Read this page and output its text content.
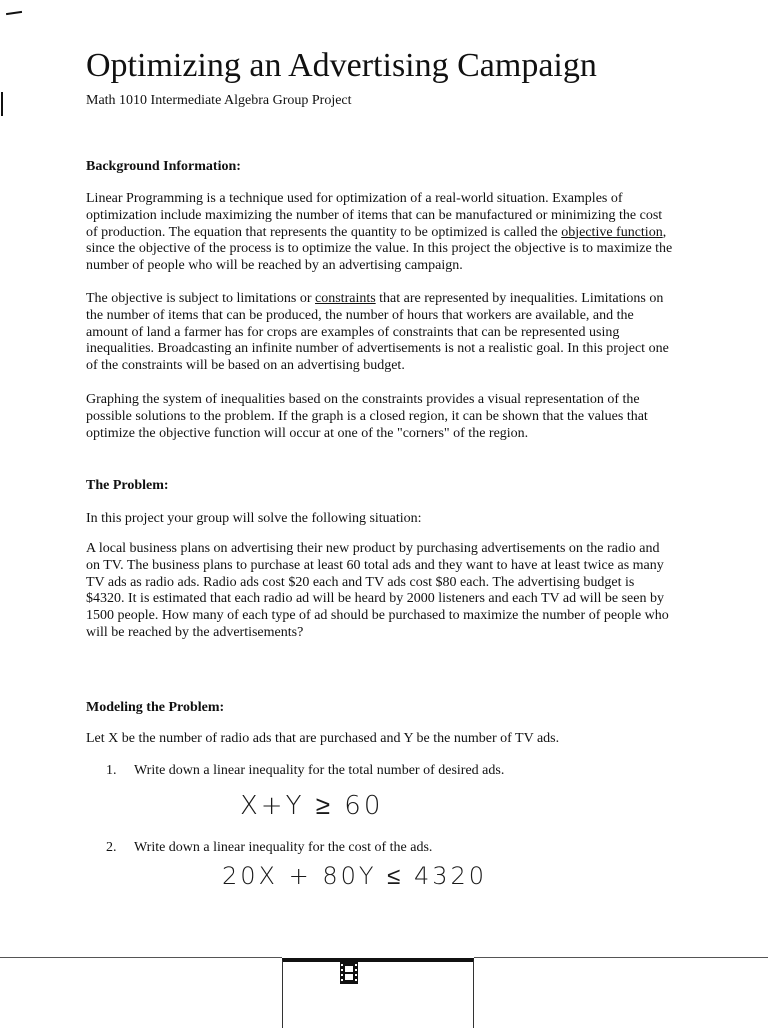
Optimizing an Advertising Campaign
Math 1010 Intermediate Algebra Group Project
Background Information:

Linear Programming is a technique used for optimization of a real-world situation. Examples of optimization include maximizing the number of items that can be manufactured or minimizing the cost of production. The equation that represents the quantity to be optimized is called the objective function, since the objective of the process is to optimize the value. In this project the objective is to maximize the number of people who will be reached by an advertising campaign.

The objective is subject to limitations or constraints that are represented by inequalities. Limitations on the number of items that can be produced, the number of hours that workers are available, and the amount of land a farmer has for crops are examples of constraints that can be represented using inequalities. Broadcasting an infinite number of advertisements is not a realistic goal. In this project one of the constraints will be based on an advertising budget.

Graphing the system of inequalities based on the constraints provides a visual representation of the possible solutions to the problem. If the graph is a closed region, it can be shown that the values that optimize the objective function will occur at one of the "corners" of the region.

The Problem:

In this project your group will solve the following situation:

A local business plans on advertising their new product by purchasing advertisements on the radio and on TV. The business plans to purchase at least 60 total ads and they want to have at least twice as many TV ads as radio ads. Radio ads cost $20 each and TV ads cost $80 each. The advertising budget is $4320. It is estimated that each radio ad will be heard by 2000 listeners and each TV ad will be seen by 1500 people. How many of each type of ad should be purchased to maximize the number of people who will be reached by the advertisements?

Modeling the Problem:

Let X be the number of radio ads that are purchased and Y be the number of TV ads.

1. Write down a linear inequality for the total number of desired ads.
X+Y ≥ 60
2. Write down a linear inequality for the cost of the ads.
20X + 8​0Y ≤ 4320
